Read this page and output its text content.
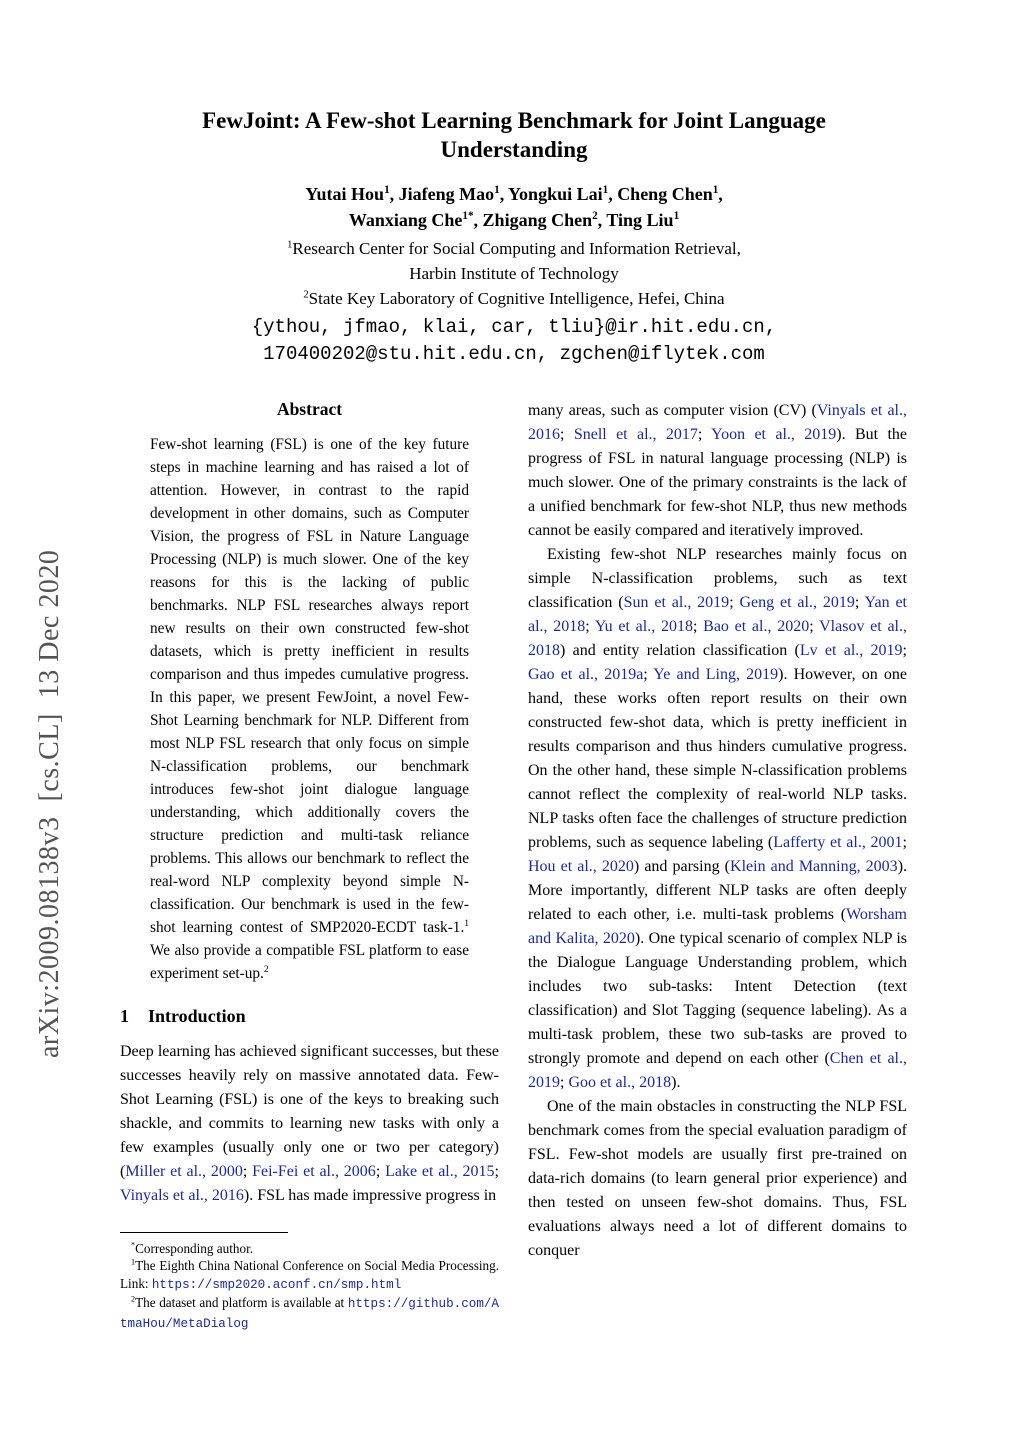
arXiv:2009.08138v3  [cs.CL]  13 Dec 2020
FewJoint: A Few-shot Learning Benchmark for Joint Language Understanding
Yutai Hou$^1$, Jiafeng Mao$^1$, Yongkui Lai$^1$, Cheng Chen$^1$,
Wanxiang Che$^{1*}$, Zhigang Chen$^2$, Ting Liu$^1$
$^1$Research Center for Social Computing and Information Retrieval,
Harbin Institute of Technology
$^2$State Key Laboratory of Cognitive Intelligence, Hefei, China
{ythou, jfmao, klai, car, tliu}@ir.hit.edu.cn,
170400202@stu.hit.edu.cn, zgchen@iflytek.com
Abstract

Few-shot learning (FSL) is one of the key future steps in machine learning and has raised a lot of attention. However, in contrast to the rapid development in other domains, such as Computer Vision, the progress of FSL in Nature Language Processing (NLP) is much slower. One of the key reasons for this is the lacking of public benchmarks. NLP FSL researches always report new results on their own constructed few-shot datasets, which is pretty inefficient in results comparison and thus impedes cumulative progress. In this paper, we present FewJoint, a novel Few-Shot Learning benchmark for NLP. Different from most NLP FSL research that only focus on simple N-classification problems, our benchmark introduces few-shot joint dialogue language understanding, which additionally covers the structure prediction and multi-task reliance problems. This allows our benchmark to reflect the real-word NLP complexity beyond simple N-classification. Our benchmark is used in the few-shot learning contest of SMP2020-ECDT task-1.$^1$ We also provide a compatible FSL platform to ease experiment set-up.$^2$

1 Introduction

Deep learning has achieved significant successes, but these successes heavily rely on massive annotated data. Few-Shot Learning (FSL) is one of the keys to breaking such shackle, and commits to learning new tasks with only a few examples (usually only one or two per category) (Miller et al., 2000; Fei-Fei et al., 2006; Lake et al., 2015; Vinyals et al., 2016). FSL has made impressive progress in

*Corresponding author.

$^1$The Eighth China National Conference on Social Media Processing. Link: https://smp2020.aconf.cn/smp.html

$^2$The dataset and platform is available at https://github.com/AtmaHou/MetaDialog

many areas, such as computer vision (CV) (Vinyals et al., 2016; Snell et al., 2017; Yoon et al., 2019). But the progress of FSL in natural language processing (NLP) is much slower. One of the primary constraints is the lack of a unified benchmark for few-shot NLP, thus new methods cannot be easily compared and iteratively improved.

Existing few-shot NLP researches mainly focus on simple N-classification problems, such as text classification (Sun et al., 2019; Geng et al., 2019; Yan et al., 2018; Yu et al., 2018; Bao et al., 2020; Vlasov et al., 2018) and entity relation classification (Lv et al., 2019; Gao et al., 2019a; Ye and Ling, 2019). However, on one hand, these works often report results on their own constructed few-shot data, which is pretty inefficient in results comparison and thus hinders cumulative progress. On the other hand, these simple N-classification problems cannot reflect the complexity of real-world NLP tasks. NLP tasks often face the challenges of structure prediction problems, such as sequence labeling (Lafferty et al., 2001; Hou et al., 2020) and parsing (Klein and Manning, 2003). More importantly, different NLP tasks are often deeply related to each other, i.e. multi-task problems (Worsham and Kalita, 2020). One typical scenario of complex NLP is the Dialogue Language Understanding problem, which includes two sub-tasks: Intent Detection (text classification) and Slot Tagging (sequence labeling). As a multi-task problem, these two sub-tasks are proved to strongly promote and depend on each other (Chen et al., 2019; Goo et al., 2018).

One of the main obstacles in constructing the NLP FSL benchmark comes from the special evaluation paradigm of FSL. Few-shot models are usually first pre-trained on data-rich domains (to learn general prior experience) and then tested on unseen few-shot domains. Thus, FSL evaluations always need a lot of different domains to conquer
